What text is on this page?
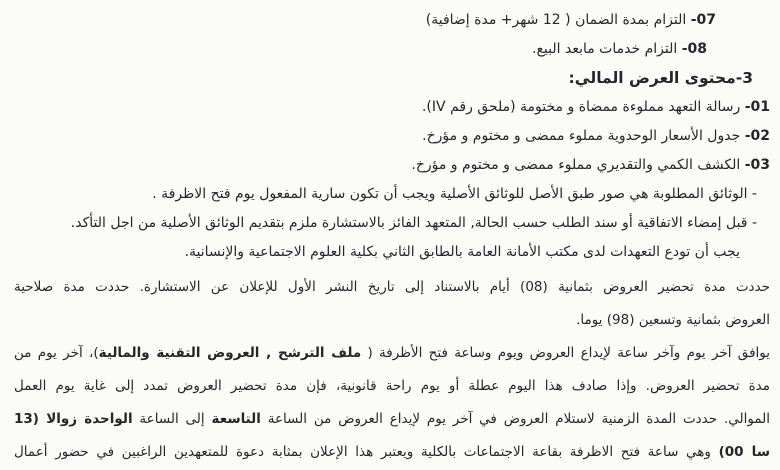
07- التزام بمدة الضمان ( 12 شهر+ مدة إضافية)
08- التزام خدمات مابعد البيع.
3-محتوى العرض المالي:
01- رسالة التعهد مملوءة ممضاة و مختومة (ملحق رقم IV).
02- جدول الأسعار الوحدوية مملوء ممضى و مختوم و مؤرخ.
03- الكشف الكمي والتقديري مملوء ممضى و مختوم و مؤرخ.
- الوثائق المطلوبة هي صور طبق الأصل للوثائق الأصلية ويجب أن تكون سارية المفعول يوم فتح الاظرفة .
- قبل إمضاء الاتفاقية أو سند الطلب حسب الحالة, المتعهد الفائز بالاستشارة ملزم بتقديم الوثائق الأصلية من اجل التأكد.
يجب أن تودع التعهدات لدى مكتب الأمانة العامة بالطابق الثاني بكلية العلوم الاجتماعية والإنسانية.
حددت مدة تحضير العروض بثمانية (08) أيام بالاستناد إلى تاريخ النشر الأول للإعلان عن الاستشارة. حددت مدة صلاحية
العروض بثمانية وتسعين (98) يوما.
يوافق آخر يوم وآخر ساعة لإيداع العروض ويوم وساعة فتح الأظرفة ( ملف الترشح , العروض التقنية والمالية)، آخر يوم من
مدة تحضير العروض. وإذا صادف هذا اليوم عطلة أو يوم راحة قانونية، فإن مدة تحضير العروض تمدد إلى غاية يوم العمل
الموالي. حددت المدة الزمنية لاستلام العروض في آخر يوم لإيداع العروض من الساعة التاسعة إلى الساعة الواحدة زوالا (13
سا 00) وهي ساعة فتح الاظرفة بقاعة الاجتماعات بالكلية ويعتبر هذا الإعلان بمثابة دعوة للمتعهدين الراغبين في حضور أعمال
